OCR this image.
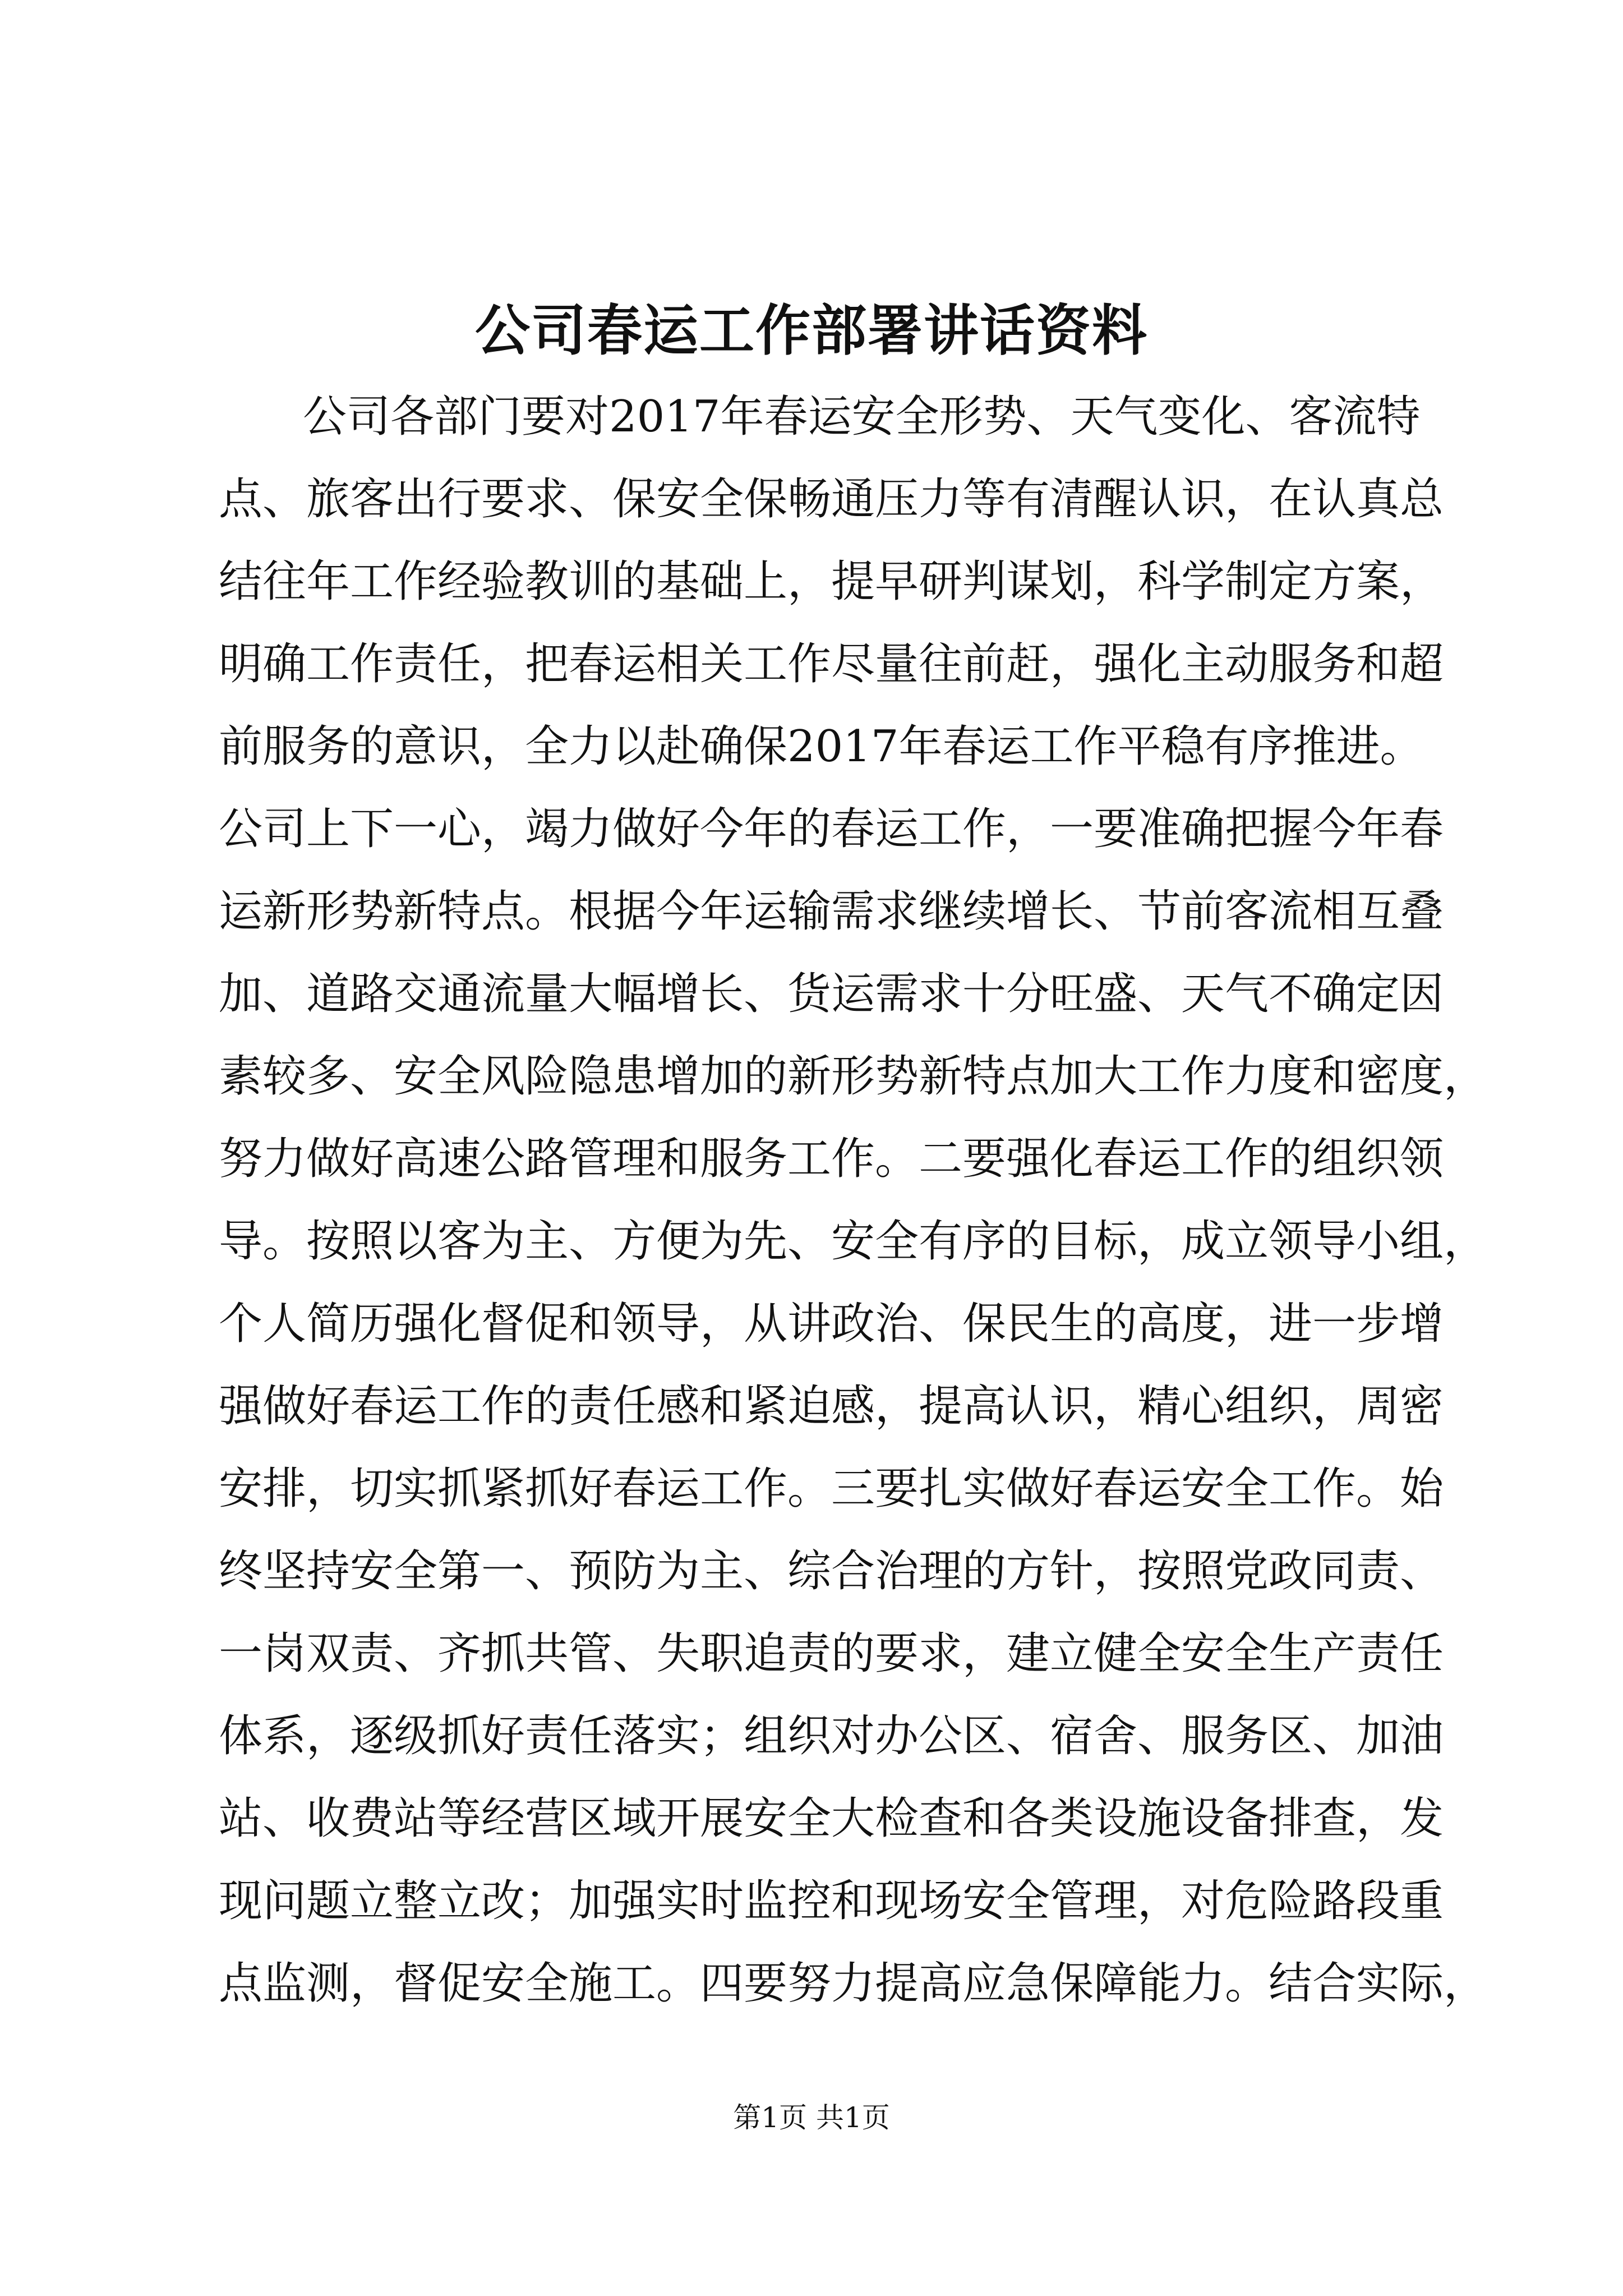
公司春运工作部署讲话资料
公司各部门要对2017年春运安全形势、天气变化、客流特
点、旅客出行要求、保安全保畅通压力等有清醒认识，在认真总
结往年工作经验教训的基础上，提早研判谋划，科学制定方案，
明确工作责任，把春运相关工作尽量往前赶，强化主动服务和超
前服务的意识，全力以赴确保2017年春运工作平稳有序推进。
公司上下一心，竭力做好今年的春运工作，一要准确把握今年春
运新形势新特点。根据今年运输需求继续增长、节前客流相互叠
加、道路交通流量大幅增长、货运需求十分旺盛、天气不确定因
素较多、安全风险隐患增加的新形势新特点加大工作力度和密度，
努力做好高速公路管理和服务工作。二要强化春运工作的组织领
导。按照以客为主、方便为先、安全有序的目标，成立领导小组，
个人简历强化督促和领导，从讲政治、保民生的高度，进一步增
强做好春运工作的责任感和紧迫感，提高认识，精心组织，周密
安排，切实抓紧抓好春运工作。三要扎实做好春运安全工作。始
终坚持安全第一、预防为主、综合治理的方针，按照党政同责、
一岗双责、齐抓共管、失职追责的要求，建立健全安全生产责任
体系，逐级抓好责任落实；组织对办公区、宿舍、服务区、加油
站、收费站等经营区域开展安全大检查和各类设施设备排查，发
现问题立整立改；加强实时监控和现场安全管理，对危险路段重
点监测，督促安全施工。四要努力提高应急保障能力。结合实际，
第1页 共1页
